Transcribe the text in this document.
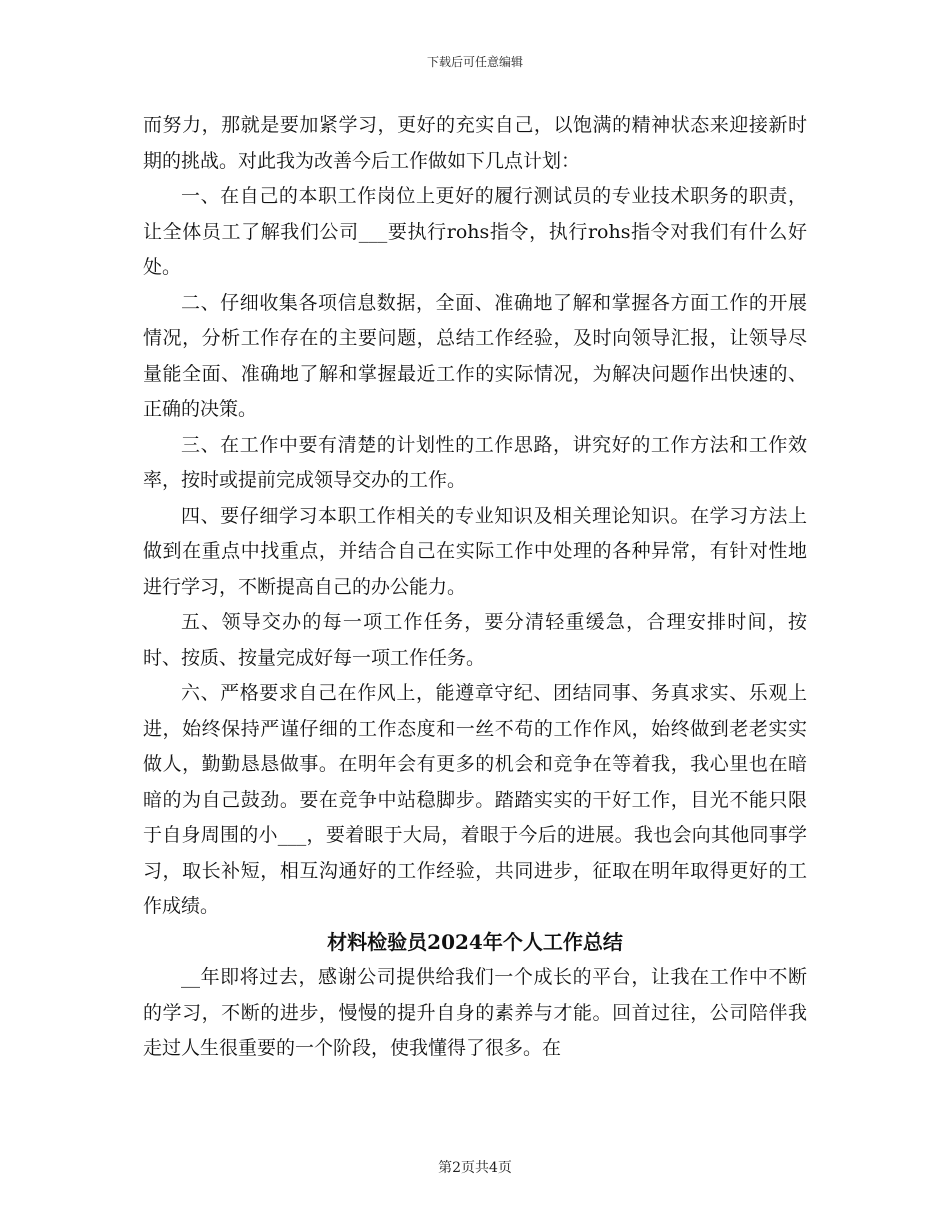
下载后可任意编辑

而努力，那就是要加紧学习，更好的充实自己，以饱满的精神状态来迎接新时期的挑战。对此我为改善今后工作做如下几点计划：

一、在自己的本职工作岗位上更好的履行测试员的专业技术职务的职责，让全体员工了解我们公司___要执行rohs指令，执行rohs指令对我们有什么好处。

二、仔细收集各项信息数据，全面、准确地了解和掌握各方面工作的开展情况，分析工作存在的主要问题，总结工作经验，及时向领导汇报，让领导尽量能全面、准确地了解和掌握最近工作的实际情况，为解决问题作出快速的、正确的决策。

三、在工作中要有清楚的计划性的工作思路，讲究好的工作方法和工作效率，按时或提前完成领导交办的工作。

四、要仔细学习本职工作相关的专业知识及相关理论知识。在学习方法上做到在重点中找重点，并结合自己在实际工作中处理的各种异常，有针对性地进行学习，不断提高自己的办公能力。

五、领导交办的每一项工作任务，要分清轻重缓急，合理安排时间，按时、按质、按量完成好每一项工作任务。

六、严格要求自己在作风上，能遵章守纪、团结同事、务真求实、乐观上进，始终保持严谨仔细的工作态度和一丝不苟的工作作风，始终做到老老实实做人，勤勤恳恳做事。在明年会有更多的机会和竞争在等着我，我心里也在暗暗的为自己鼓劲。要在竞争中站稳脚步。踏踏实实的干好工作，目光不能只限于自身周围的小___，要着眼于大局，着眼于今后的进展。我也会向其他同事学习，取长补短，相互沟通好的工作经验，共同进步，征取在明年取得更好的工作成绩。

材料检验员2024年个人工作总结

__年即将过去，感谢公司提供给我们一个成长的平台，让我在工作中不断的学习，不断的进步，慢慢的提升自身的素养与才能。回首过往，公司陪伴我走过人生很重要的一个阶段，使我懂得了很多。在

第2页共4页
